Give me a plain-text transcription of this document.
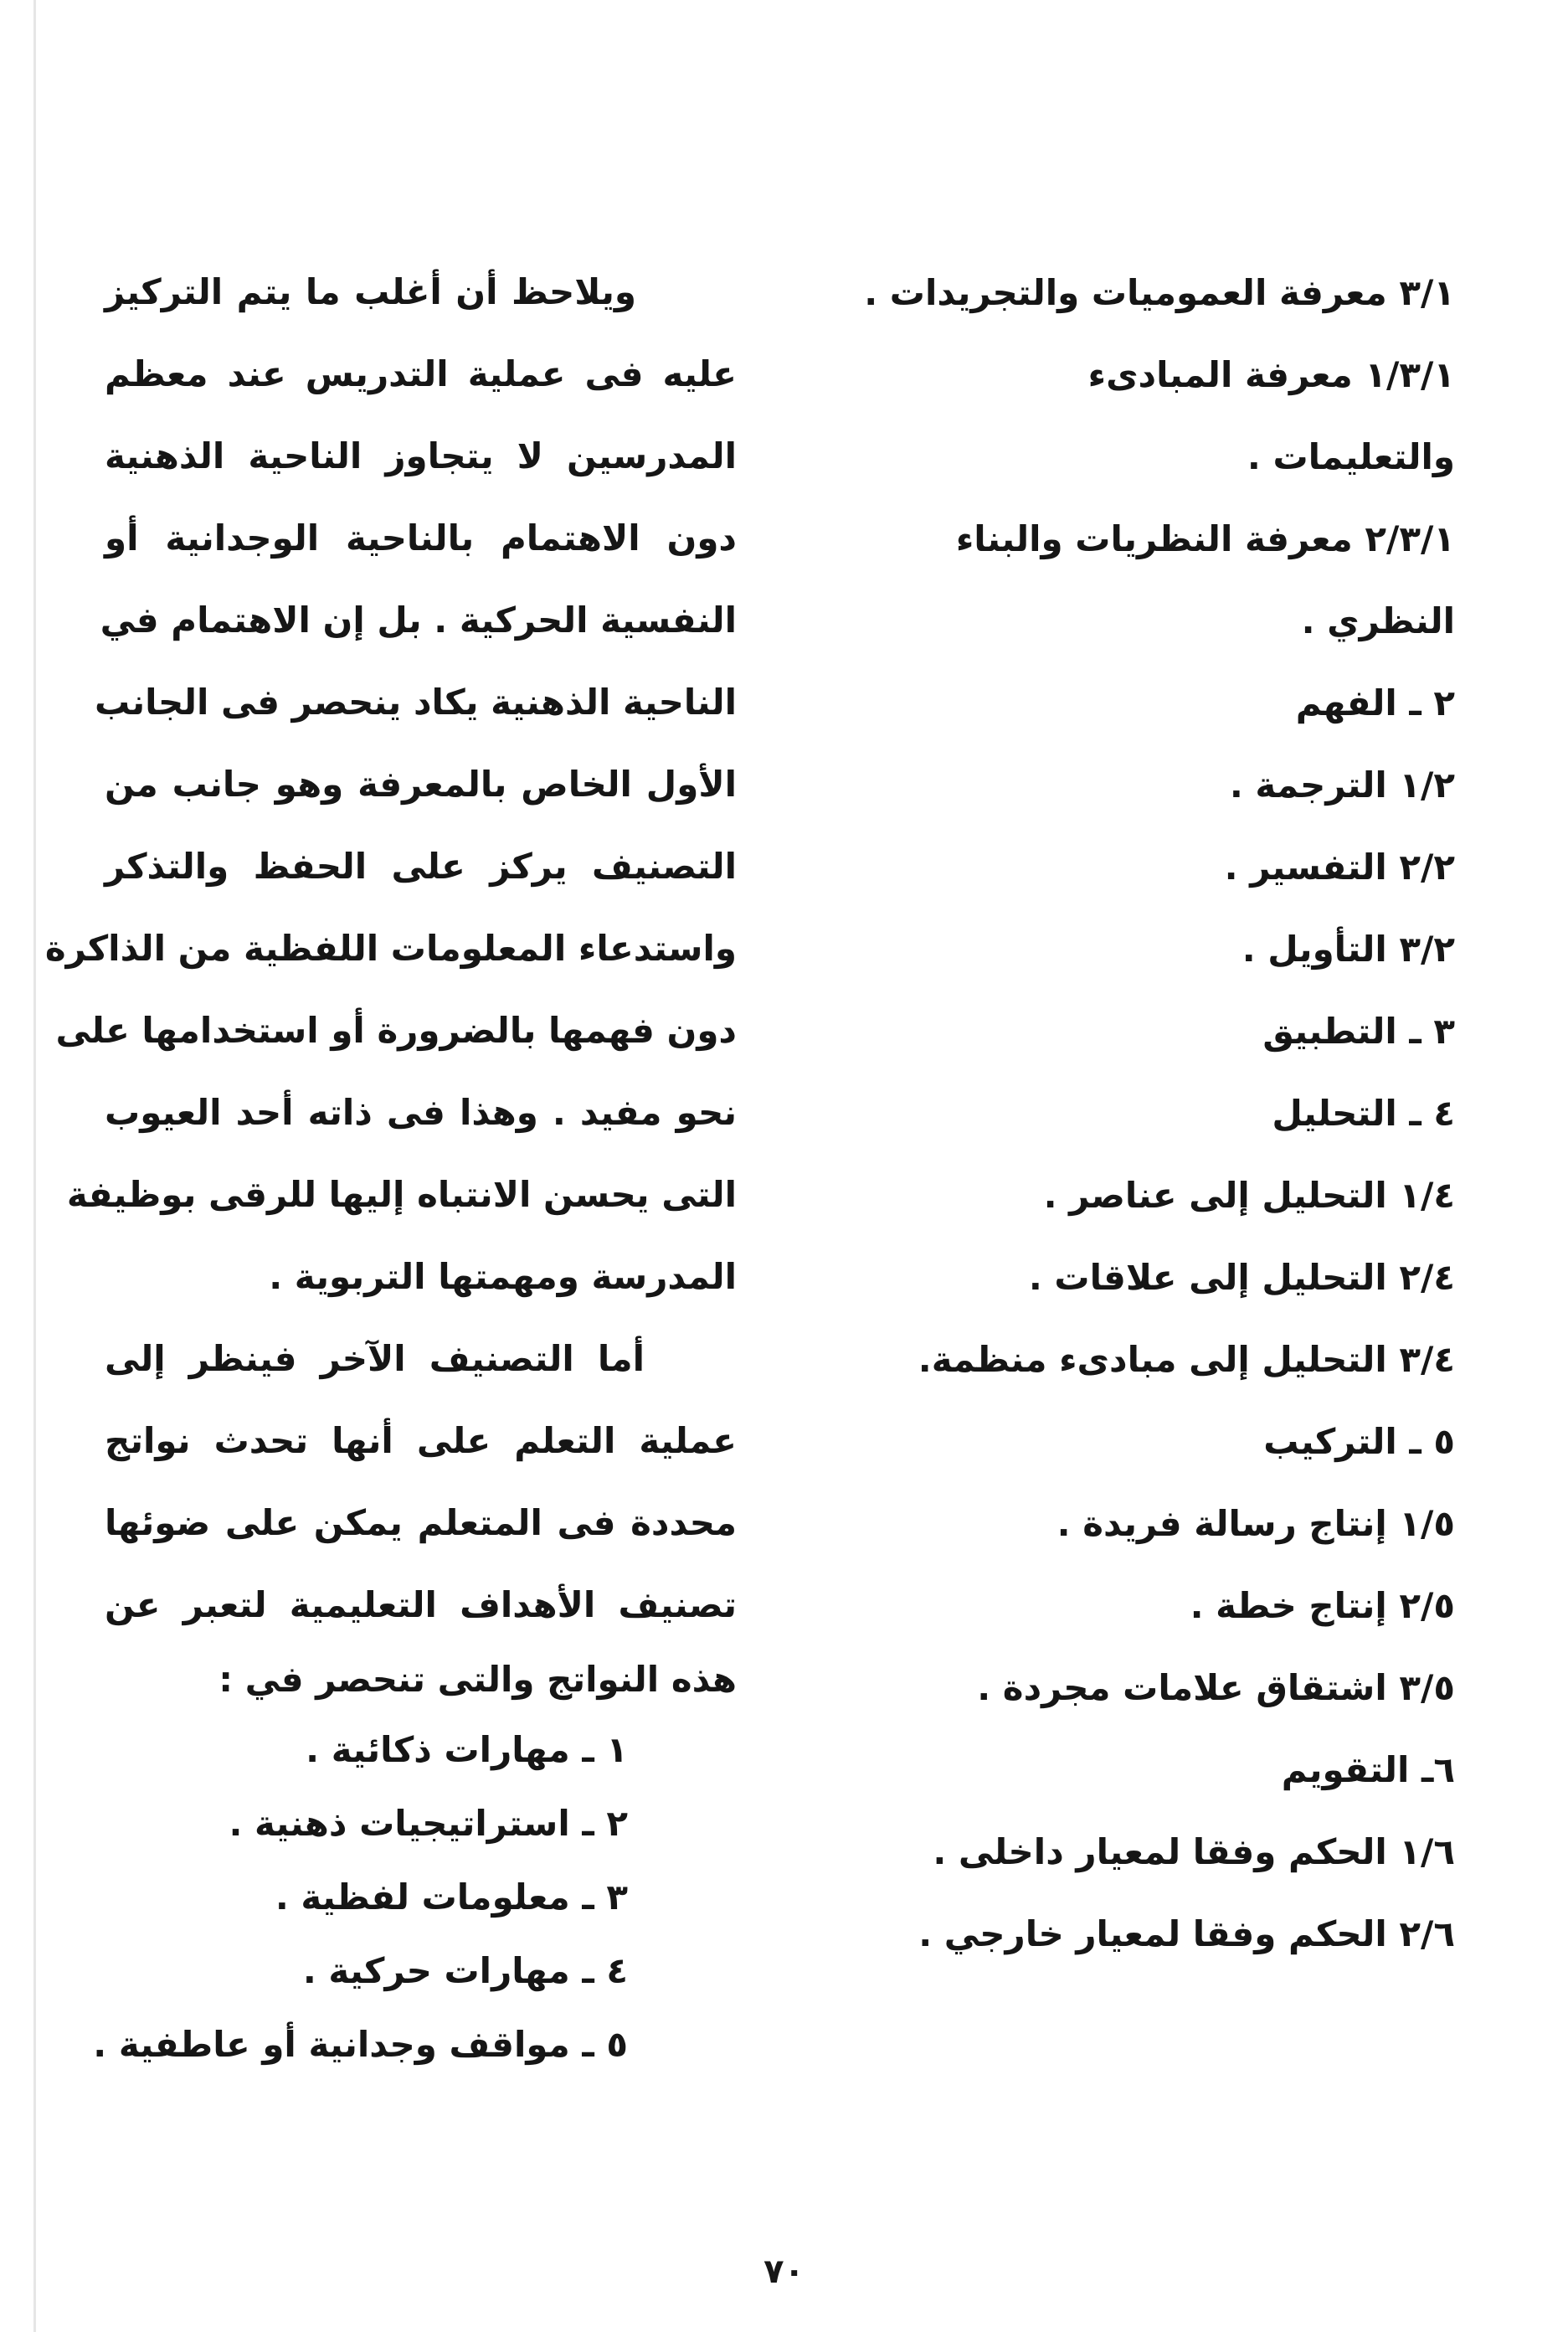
٣/١ معرفة العموميات والتجريدات .
١/٣/١ معرفة المبادىء
والتعليمات .
٢/٣/١ معرفة النظريات والبناء
النظري .
٢ ـ الفهم
١/٢ الترجمة .
٢/٢ التفسير .
٣/٢ التأويل .
٣ ـ التطبيق
٤ ـ التحليل
١/٤ التحليل إلى عناصر .
٢/٤ التحليل إلى علاقات .
٣/٤ التحليل إلى مبادىء منظمة.
٥ ـ التركيب
١/٥ إنتاج رسالة فريدة .
٢/٥ إنتاج خطة .
٣/٥ اشتقاق علامات مجردة .
٦ـ التقويم
١/٦ الحكم وفقا لمعيار داخلى .
٢/٦ الحكم وفقا لمعيار خارجي .
ويلاحظ أن أغلب ما يتم التركيز
عليه فى عملية التدريس عند معظم
المدرسين لا يتجاوز الناحية الذهنية
دون الاهتمام بالناحية الوجدانية أو
النفسية الحركية . بل إن الاهتمام في
الناحية الذهنية يكاد ينحصر فى الجانب
الأول الخاص بالمعرفة وهو جانب من
التصنيف يركز على الحفظ والتذكر
واستدعاء المعلومات اللفظية من الذاكرة
دون فهمها بالضرورة أو استخدامها على
نحو مفيد . وهذا فى ذاته أحد العيوب
التى يحسن الانتباه إليها للرقى بوظيفة
المدرسة ومهمتها التربوية .
أما التصنيف الآخر فينظر إلى
عملية التعلم على أنها تحدث نواتج
محددة فى المتعلم يمكن على ضوئها
تصنيف الأهداف التعليمية لتعبر عن
هذه النواتج والتى تنحصر في :
١ ـ مهارات ذكائية .
٢ ـ استراتيجيات ذهنية .
٣ ـ معلومات لفظية .
٤ ـ مهارات حركية .
٥ ـ مواقف وجدانية أو عاطفية .
٧٠
